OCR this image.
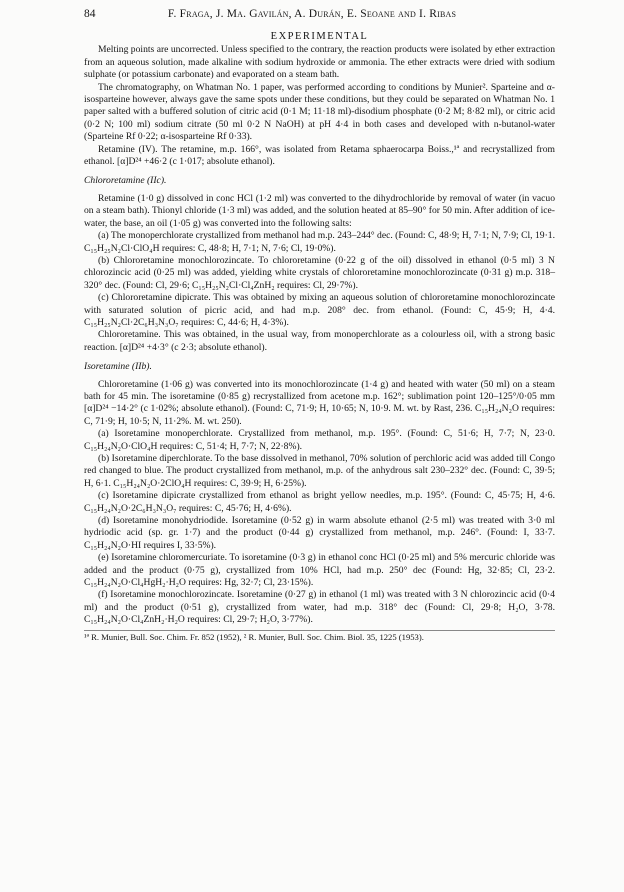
84	F. Fraga, J. Ma. Gavilán, A. Durán, E. Seoane and I. Ribas
EXPERIMENTAL

Melting points are uncorrected. Unless specified to the contrary, the reaction products were isolated by ether extraction from an aqueous solution, made alkaline with sodium hydroxide or ammonia. The ether extracts were dried with sodium sulphate (or potassium carbonate) and evaporated on a steam bath.

The chromatography, on Whatman No. 1 paper, was performed according to conditions by Munier². Sparteine and α-isosparteine however, always gave the same spots under these conditions, but they could be separated on Whatman No. 1 paper salted with a buffered solution of citric acid (0·1 M; 11·18 ml)-disodium phosphate (0·2 M; 8·82 ml), or citric acid (0·2 N; 100 ml) sodium citrate (50 ml 0·2 N NaOH) at pH 4·4 in both cases and developed with n-butanol-water (Sparteine Rf 0·22; α-isosparteine Rf 0·33).

Retamine (IV). The retamine, m.p. 166°, was isolated from Retama sphaerocarpa Boiss.,¹ª and recrystallized from ethanol. [α]D²⁴ +46·2 (c 1·017; absolute ethanol).

Chlororetamine (IIc).

Retamine (1·0 g) dissolved in conc HCl (1·2 ml) was converted to the dihydrochloride by removal of water (in vacuo on a steam bath). Thionyl chloride (1·3 ml) was added, and the solution heated at 85–90° for 50 min. After addition of ice-water, the base, an oil (1·05 g) was converted into the following salts:

(a) The monoperchlorate crystallized from methanol had m.p. 243–244° dec. (Found: C, 48·9; H, 7·1; N, 7·9; Cl, 19·1. C₁₅H₂₅N₂Cl·ClO₄H requires: C, 48·8; H, 7·1; N, 7·6; Cl, 19·0%).

(b) Chlororetamine monochlorozincate. To chlororetamine (0·22 g of the oil) dissolved in ethanol (0·5 ml) 3 N chlorozincic acid (0·25 ml) was added, yielding white crystals of chlororetamine monochlorozincate (0·31 g) m.p. 318–320° dec. (Found: Cl, 29·6; C₁₅H₂₅N₂Cl·Cl₄ZnH₂ requires: Cl, 29·7%).

(c) Chlororetamine dipicrate. This was obtained by mixing an aqueous solution of chlororetamine monochlorozincate with saturated solution of picric acid, and had m.p. 208° dec. from ethanol. (Found: C, 45·9; H, 4·4. C₁₅H₂₅N₂Cl·2C₆H₃N₃O₇ requires: C, 44·6; H, 4·3%).

Chlororetamine. This was obtained, in the usual way, from monoperchlorate as a colourless oil, with a strong basic reaction. [α]D²⁴ +4·3° (c 2·3; absolute ethanol).

Isoretamine (IIb).

Chlororetamine (1·06 g) was converted into its monochlorozincate (1·4 g) and heated with water (50 ml) on a steam bath for 45 min. The isoretamine (0·85 g) recrystallized from acetone m.p. 162°; sublimation point 120–125°/0·05 mm [α]D²⁴ −14·2° (c 1·02%; absolute ethanol). (Found: C, 71·9; H, 10·65; N, 10·9. M. wt. by Rast, 236. C₁₅H₂₄N₂O requires: C, 71·9; H, 10·5; N, 11·2%. M. wt. 250).

(a) Isoretamine monoperchlorate. Crystallized from methanol, m.p. 195°. (Found: C, 51·6; H, 7·7; N, 23·0. C₁₅H₂₄N₂O·ClO₄H requires: C, 51·4; H, 7·7; N, 22·8%).

(b) Isoretamine diperchlorate. To the base dissolved in methanol, 70% solution of perchloric acid was added till Congo red changed to blue. The product crystallized from methanol, m.p. of the anhydrous salt 230–232° dec. (Found: C, 39·5; H, 6·1. C₁₅H₂₄N₂O·2ClO₄H requires: C, 39·9; H, 6·25%).

(c) Isoretamine dipicrate crystallized from ethanol as bright yellow needles, m.p. 195°. (Found: C, 45·75; H, 4·6. C₁₅H₂₄N₂O·2C₆H₃N₃O₇ requires: C, 45·76; H, 4·6%).

(d) Isoretamine monohydriodide. Isoretamine (0·52 g) in warm absolute ethanol (2·5 ml) was treated with 3·0 ml hydriodic acid (sp. gr. 1·7) and the product (0·44 g) crystallized from methanol, m.p. 246°. (Found: I, 33·7. C₁₅H₂₄N₂O·HI requires I, 33·5%).

(e) Isoretamine chloromercuriate. To isoretamine (0·3 g) in ethanol conc HCl (0·25 ml) and 5% mercuric chloride was added and the product (0·75 g), crystallized from 10% HCl, had m.p. 250° dec (Found: Hg, 32·85; Cl, 23·2. C₁₅H₂₄N₂O·Cl₄HgH₂·H₂O requires: Hg, 32·7; Cl, 23·15%).

(f) Isoretamine monochlorozincate. Isoretamine (0·27 g) in ethanol (1 ml) was treated with 3 N chlorozincic acid (0·4 ml) and the product (0·51 g), crystallized from water, had m.p. 318° dec (Found: Cl, 29·8; H₂O, 3·78. C₁₅H₂₄N₂O·Cl₄ZnH₂·H₂O requires: Cl, 29·7; H₂O, 3·77%).

¹ª R. Munier, Bull. Soc. Chim. Fr. 852 (1952), ² R. Munier, Bull. Soc. Chim. Biol. 35, 1225 (1953).
